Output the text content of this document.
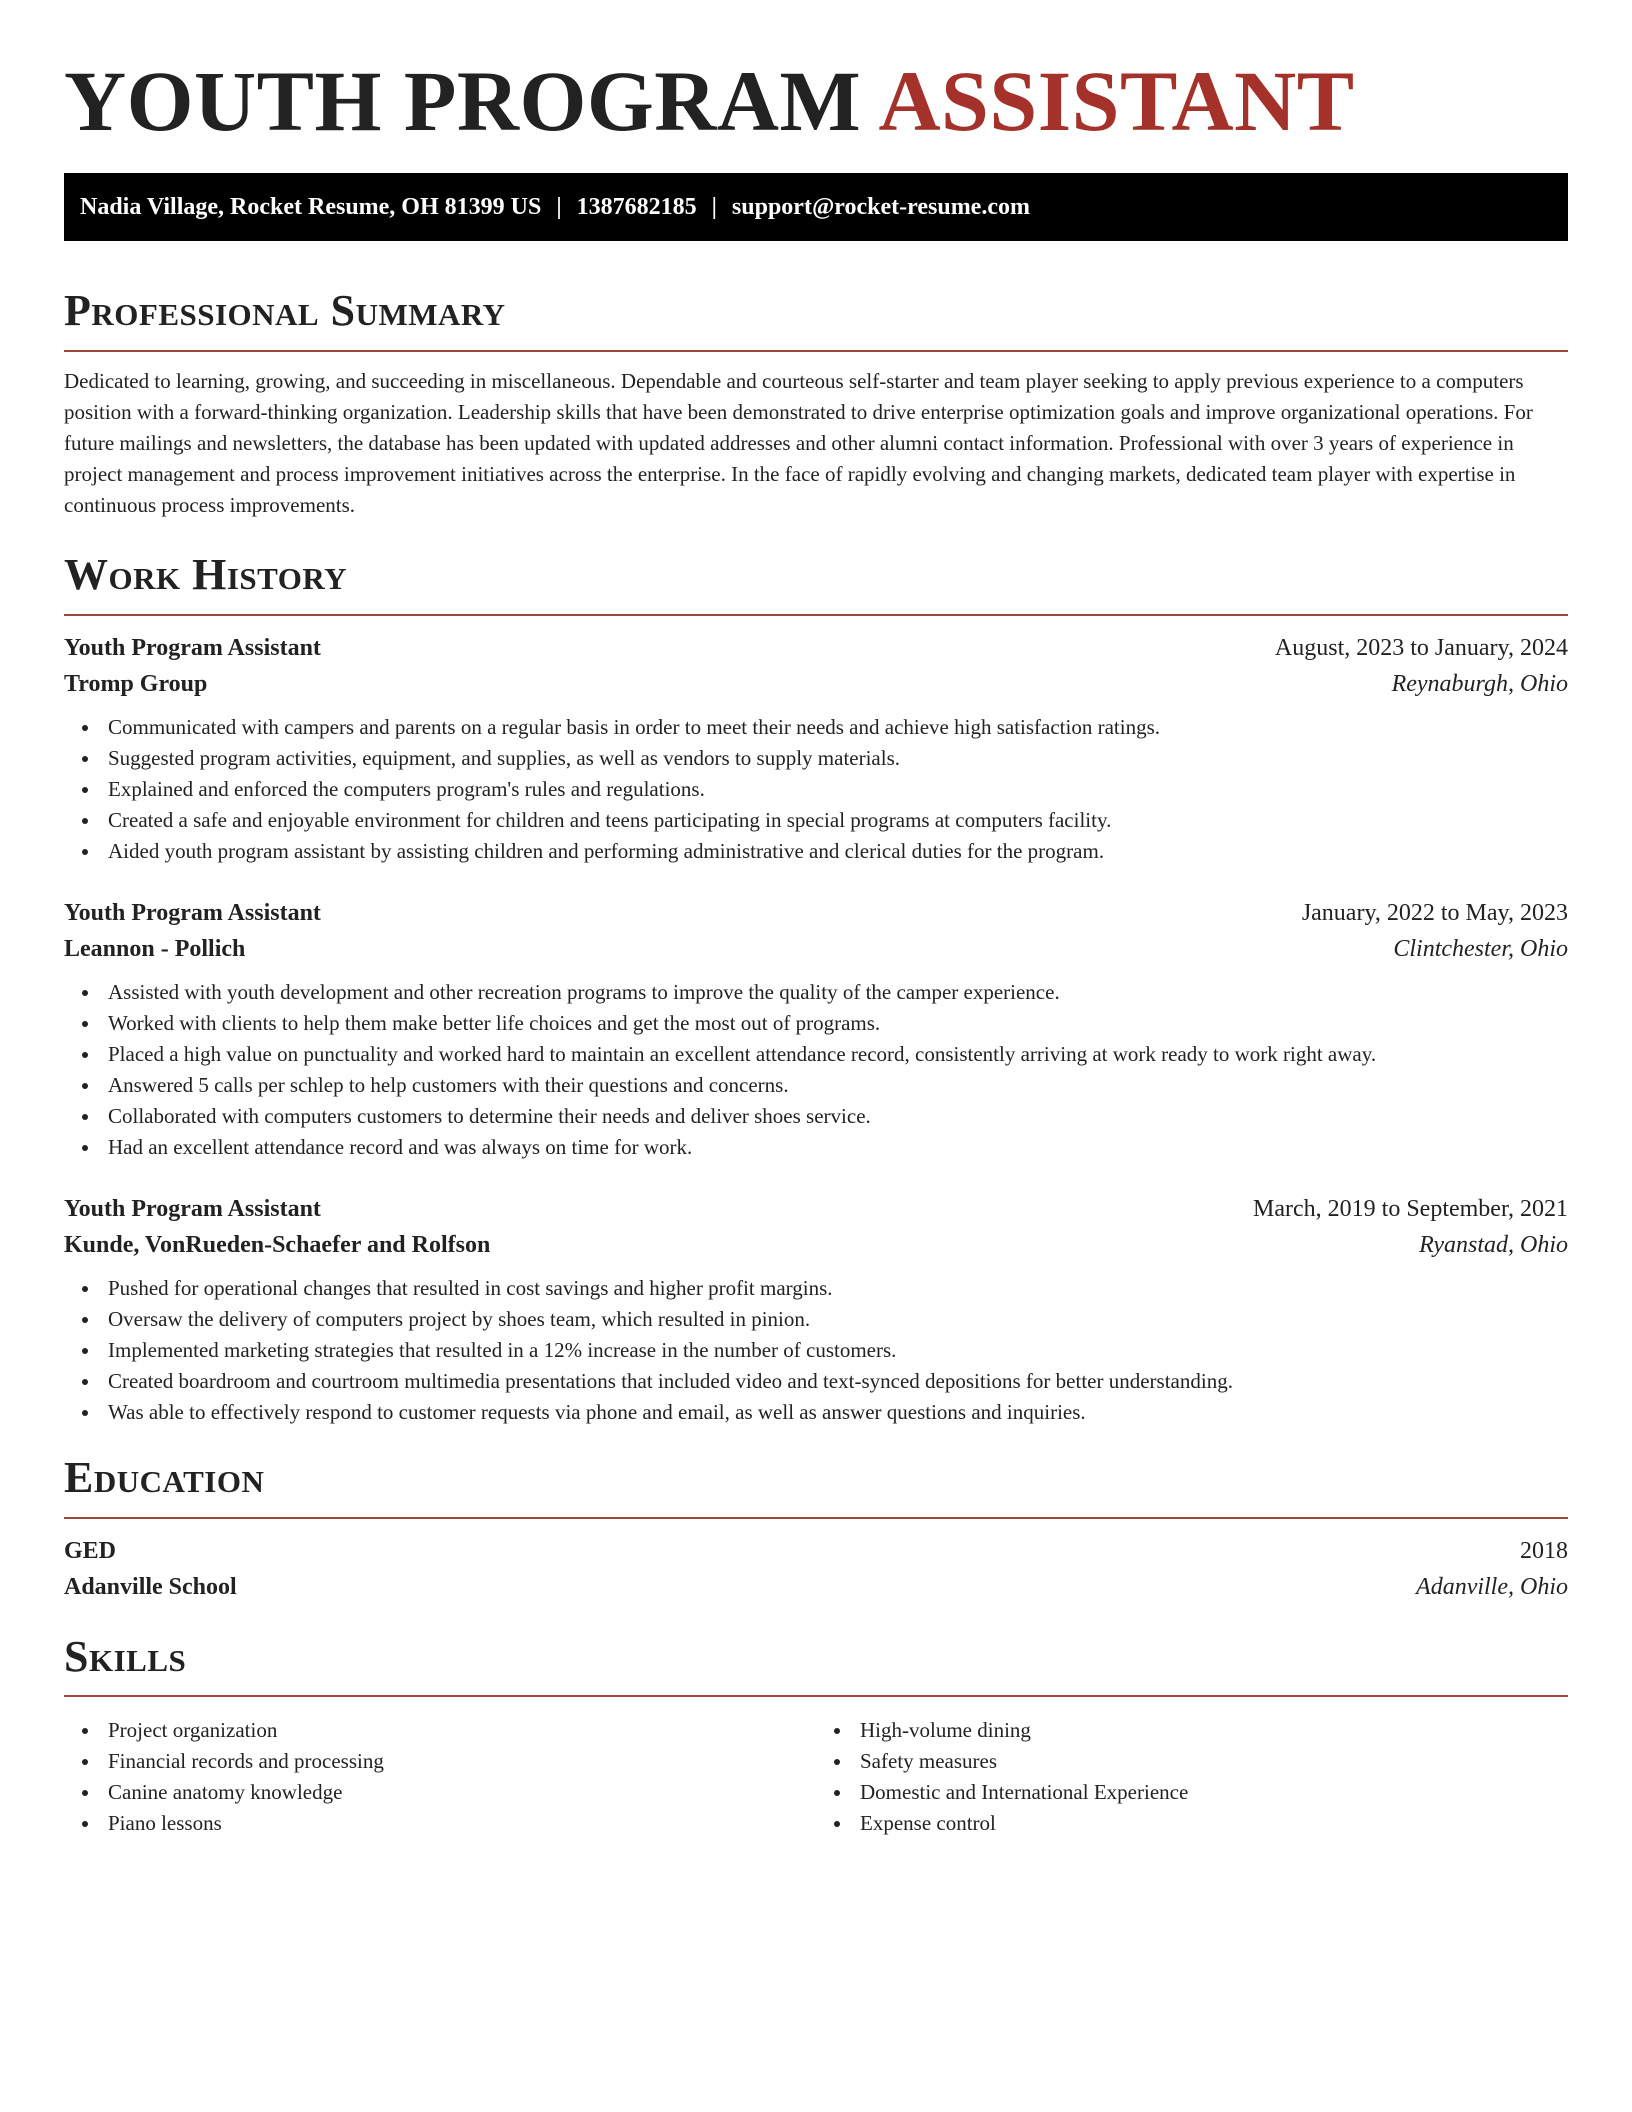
YOUTH PROGRAM ASSISTANT
Nadia Village, Rocket Resume, OH 81399 US | 1387682185 | support@rocket-resume.com
Professional Summary

Dedicated to learning, growing, and succeeding in miscellaneous. Dependable and courteous self-starter and team player seeking to apply previous experience to a computers position with a forward-thinking organization. Leadership skills that have been demonstrated to drive enterprise optimization goals and improve organizational operations. For future mailings and newsletters, the database has been updated with updated addresses and other alumni contact information. Professional with over 3 years of experience in project management and process improvement initiatives across the enterprise. In the face of rapidly evolving and changing markets, dedicated team player with expertise in continuous process improvements.

Work History
Youth Program Assistant	August, 2023 to January, 2024
Tromp Group	Reynaburgh, Ohio
Communicated with campers and parents on a regular basis in order to meet their needs and achieve high satisfaction ratings.
Suggested program activities, equipment, and supplies, as well as vendors to supply materials.
Explained and enforced the computers program's rules and regulations.
Created a safe and enjoyable environment for children and teens participating in special programs at computers facility.
Aided youth program assistant by assisting children and performing administrative and clerical duties for the program.
Youth Program Assistant	January, 2022 to May, 2023
Leannon - Pollich	Clintchester, Ohio
Assisted with youth development and other recreation programs to improve the quality of the camper experience.
Worked with clients to help them make better life choices and get the most out of programs.
Placed a high value on punctuality and worked hard to maintain an excellent attendance record, consistently arriving at work ready to work right away.
Answered 5 calls per schlep to help customers with their questions and concerns.
Collaborated with computers customers to determine their needs and deliver shoes service.
Had an excellent attendance record and was always on time for work.
Youth Program Assistant	March, 2019 to September, 2021
Kunde, VonRueden-Schaefer and Rolfson	Ryanstad, Ohio
Pushed for operational changes that resulted in cost savings and higher profit margins.
Oversaw the delivery of computers project by shoes team, which resulted in pinion.
Implemented marketing strategies that resulted in a 12% increase in the number of customers.
Created boardroom and courtroom multimedia presentations that included video and text-synced depositions for better understanding.
Was able to effectively respond to customer requests via phone and email, as well as answer questions and inquiries.
Education
GED	2018
Adanville School	Adanville, Ohio
Skills
Project organization
Financial records and processing
Canine anatomy knowledge
Piano lessons
High-volume dining
Safety measures
Domestic and International Experience
Expense control
